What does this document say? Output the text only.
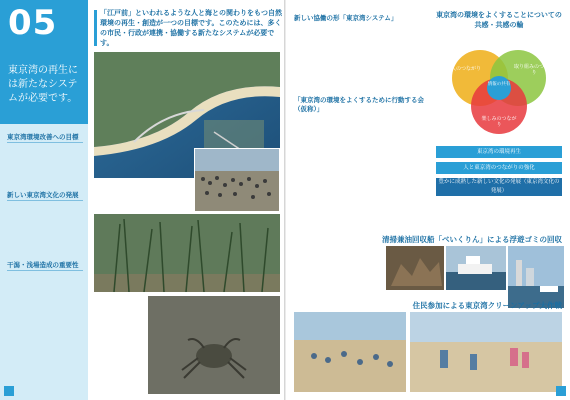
05
東京湾の再生には新たなシステムが必要です。
東京湾環境改善への目標
新しい東京湾文化の発展
干潟・浅場造成の重要性
「江戸前」といわれるような人と海との関わりをもつ自然環境の再生・創造が一つの目標です。このためには、多くの市民・行政が連携・協働する新たなシステムが必要です。
新しい協働の形「東京湾システム」
「東京湾の環境をよくするために行動する会（仮称）」
東京湾の環境をよくすることについての共感・共感の輪
人のつながり	取り組みのつながり
楽しみのつながり
情報の共有
東京湾の環境再生
人と東京湾のつながりの強化
豊かに成熟した新しい文化の発展（東京湾文化の発展）
清掃兼油回収船「べいくりん」による浮遊ゴミの回収
住民参加による東京湾クリーンアップ大作戦
